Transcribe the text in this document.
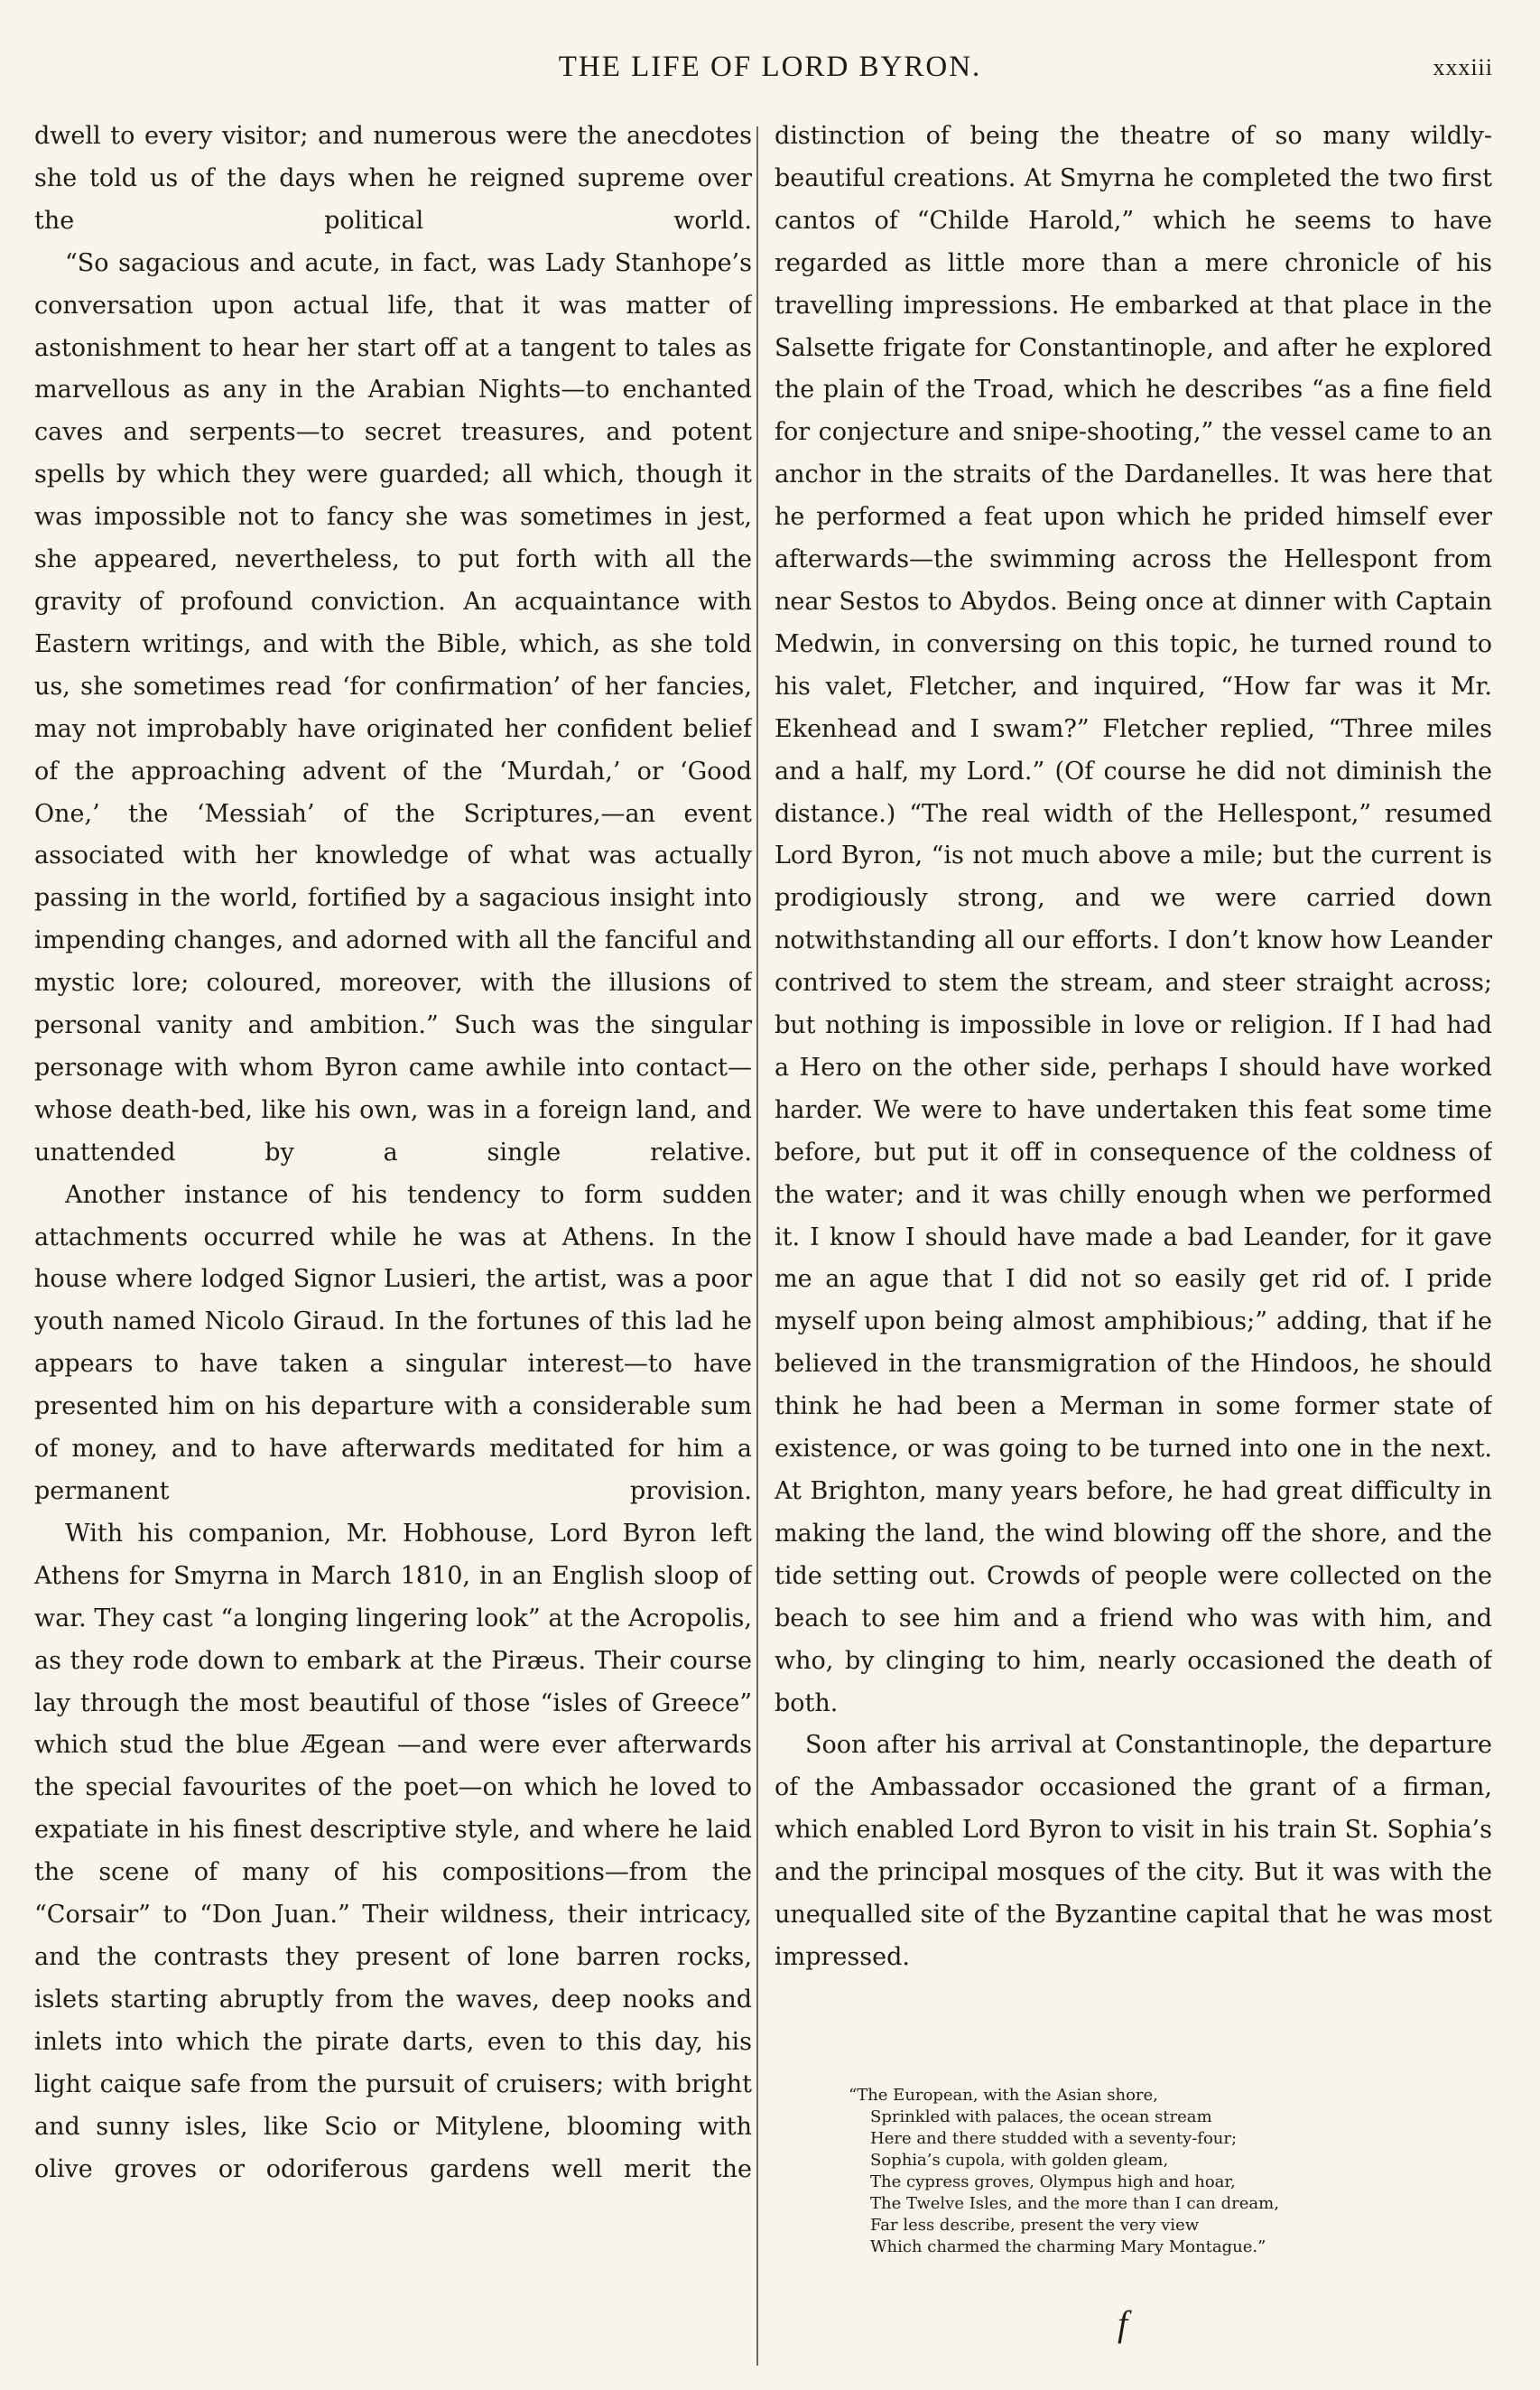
THE LIFE OF LORD BYRON.	xxxiii

dwell to every visitor; and numerous were the anecdotes she told us of the days when he reigned supreme over the political world.

“So sagacious and acute, in fact, was Lady Stanhope’s conversation upon actual life, that it was matter of astonishment to hear her start off at a tangent to tales as marvellous as any in the Arabian Nights—to enchanted caves and serpents—to secret treasures, and potent spells by which they were guarded; all which, though it was impossible not to fancy she was sometimes in jest, she appeared, nevertheless, to put forth with all the gravity of profound conviction. An acquaintance with Eastern writings, and with the Bible, which, as she told us, she sometimes read ‘for confirmation’ of her fancies, may not improbably have originated her confident belief of the approaching advent of the ‘Murdah,’ or ‘Good One,’ the ‘Messiah’ of the Scriptures,—an event associated with her knowledge of what was actually passing in the world, fortified by a sagacious insight into impending changes, and adorned with all the fanciful and mystic lore; coloured, moreover, with the illusions of personal vanity and ambition.” Such was the singular personage with whom Byron came awhile into contact—whose death-bed, like his own, was in a foreign land, and unattended by a single relative.

Another instance of his tendency to form sudden attachments occurred while he was at Athens. In the house where lodged Signor Lusieri, the artist, was a poor youth named Nicolo Giraud. In the fortunes of this lad he appears to have taken a singular interest—to have presented him on his departure with a considerable sum of money, and to have afterwards meditated for him a permanent provision.

With his companion, Mr. Hobhouse, Lord Byron left Athens for Smyrna in March 1810, in an English sloop of war. They cast “a longing lingering look” at the Acropolis, as they rode down to embark at the Piræus. Their course lay through the most beautiful of those “isles of Greece” which stud the blue Ægean —and were ever afterwards the special favourites of the poet—on which he loved to expatiate in his finest descriptive style, and where he laid the scene of many of his compositions—from the “Corsair” to “Don Juan.” Their wildness, their intricacy, and the contrasts they present of lone barren rocks, islets starting abruptly from the waves, deep nooks and inlets into which the pirate darts, even to this day, his light caique safe from the pursuit of cruisers; with bright and sunny isles, like Scio or Mitylene, blooming with olive groves or odoriferous gardens well merit the

distinction of being the theatre of so many wildly-beautiful creations. At Smyrna he completed the two first cantos of “Childe Harold,” which he seems to have regarded as little more than a mere chronicle of his travelling impressions. He embarked at that place in the Salsette frigate for Constantinople, and after he explored the plain of the Troad, which he describes “as a fine field for conjecture and snipe-shooting,” the vessel came to an anchor in the straits of the Dardanelles. It was here that he performed a feat upon which he prided himself ever afterwards—the swimming across the Hellespont from near Sestos to Abydos. Being once at dinner with Captain Medwin, in conversing on this topic, he turned round to his valet, Fletcher, and inquired, “How far was it Mr. Ekenhead and I swam?” Fletcher replied, “Three miles and a half, my Lord.” (Of course he did not diminish the distance.) “The real width of the Hellespont,” resumed Lord Byron, “is not much above a mile; but the current is prodigiously strong, and we were carried down notwithstanding all our efforts. I don’t know how Leander contrived to stem the stream, and steer straight across; but nothing is impossible in love or religion. If I had had a Hero on the other side, perhaps I should have worked harder. We were to have undertaken this feat some time before, but put it off in consequence of the coldness of the water; and it was chilly enough when we performed it. I know I should have made a bad Leander, for it gave me an ague that I did not so easily get rid of. I pride myself upon being almost amphibious;” adding, that if he believed in the transmigration of the Hindoos, he should think he had been a Merman in some former state of existence, or was going to be turned into one in the next. At Brighton, many years before, he had great difficulty in making the land, the wind blowing off the shore, and the tide setting out. Crowds of people were collected on the beach to see him and a friend who was with him, and who, by clinging to him, nearly occasioned the death of both.

Soon after his arrival at Constantinople, the departure of the Ambassador occasioned the grant of a firman, which enabled Lord Byron to visit in his train St. Sophia’s and the principal mosques of the city. But it was with the unequalled site of the Byzantine capital that he was most impressed.

“The European, with the Asian shore,
Sprinkled with palaces, the ocean stream
Here and there studded with a seventy-four;
Sophia’s cupola, with golden gleam,
The cypress groves, Olympus high and hoar,
The Twelve Isles, and the more than I can dream,
Far less describe, present the very view
Which charmed the charming Mary Montague.”
f
